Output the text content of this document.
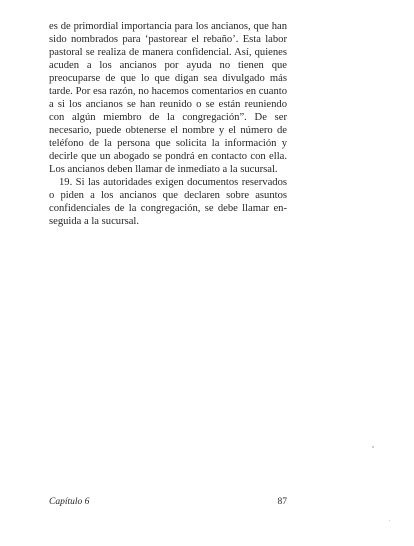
es de primordial importancia para los ancianos, que han sido nombrados para ‘pastorear el rebaño’. Esta labor pastoral se realiza de manera confidencial. Así, quienes acuden a los ancianos por ayuda no tienen que preocuparse de que lo que digan sea divulgado más tarde. Por esa razón, no hacemos comentarios en cuanto a si los ancianos se han reunido o se están reuniendo con algún miembro de la congregación”. De ser necesario, puede obtenerse el nombre y el número de teléfono de la persona que solicita la información y decirle que un abogado se pondrá en contacto con ella. Los ancianos deben llamar de inmediato a la sucursal.

19. Si las autoridades exigen documentos reservados o piden a los ancianos que declaren sobre asuntos confidenciales de la congregación, se debe llamar enseguida a la sucursal.

Capítulo 6	87
